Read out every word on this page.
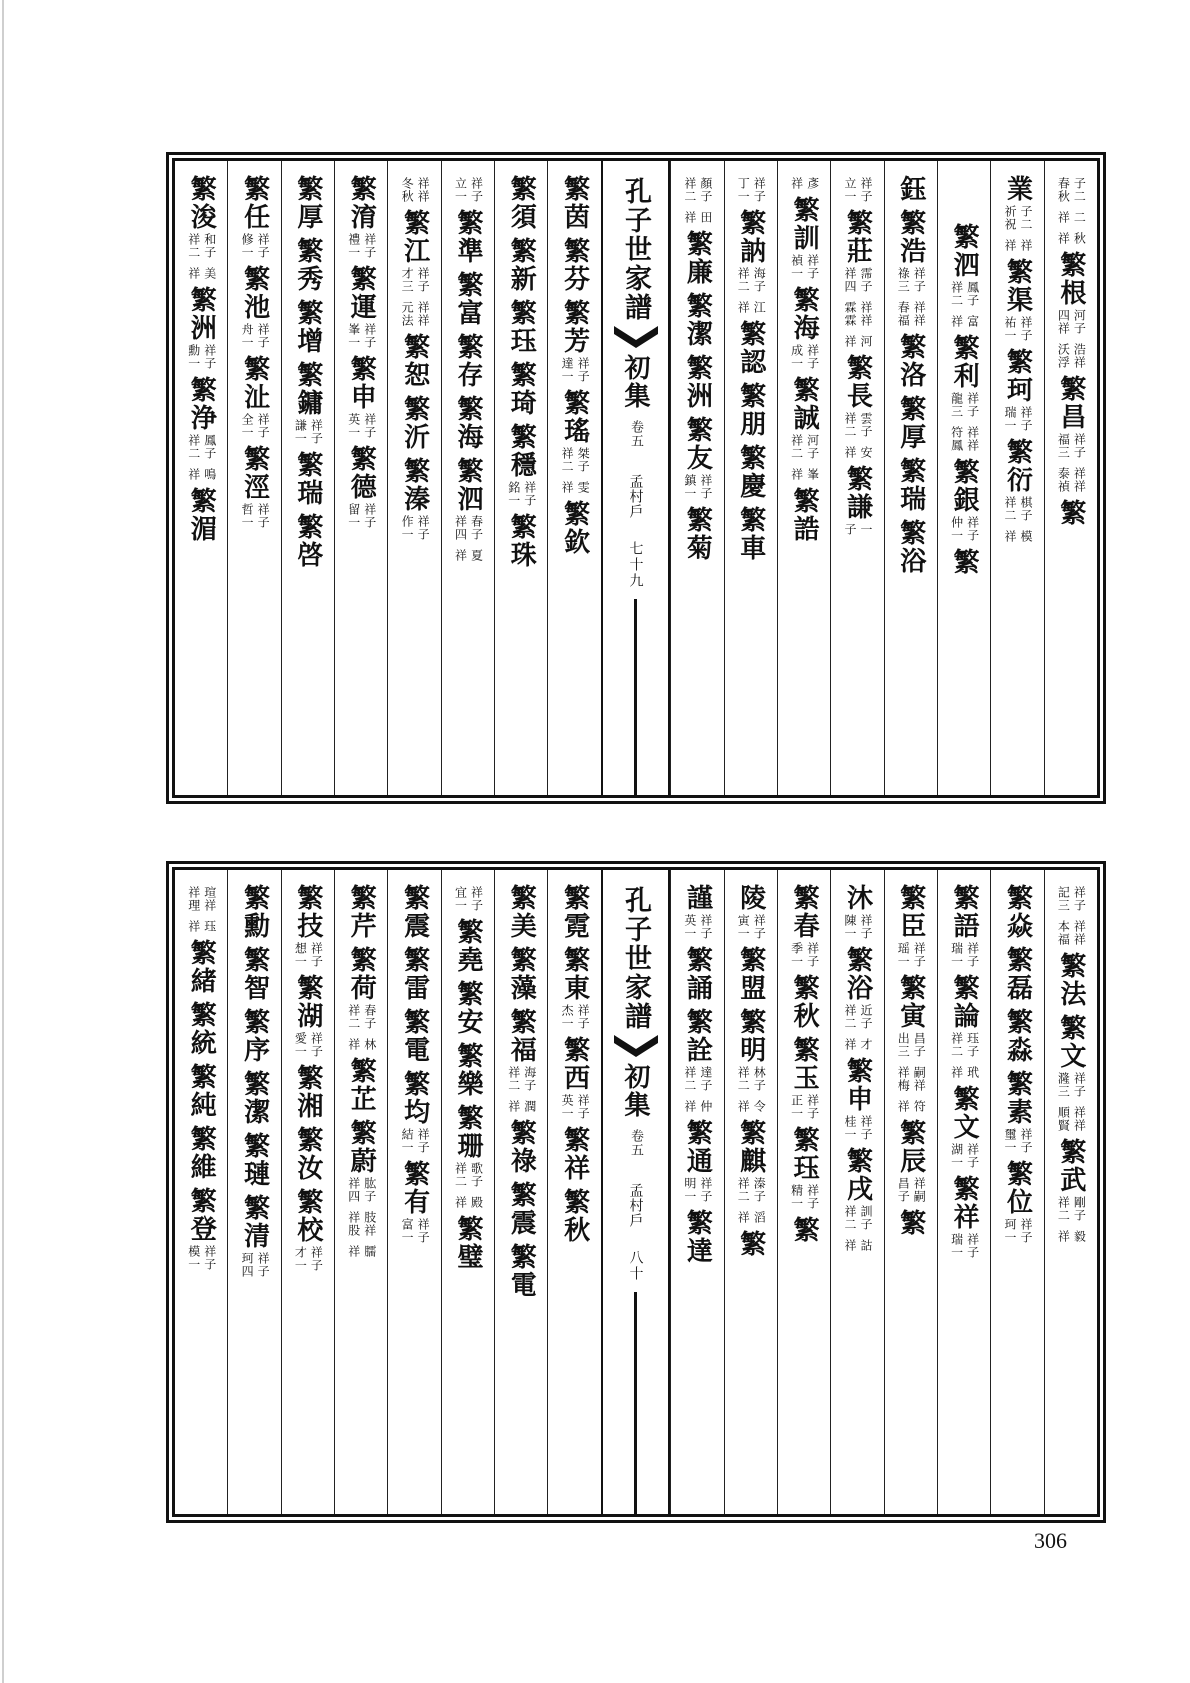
子二
春秋
二
祥
秋
祥
繁根
河子
四祥
浩祥
沃浮
繁昌
祥子
福三
祥祥
泰禎
繁
業
子二
祈祝
祥
祥
繁渠
祥子
祐一
繁珂
祥子
瑞一
繁衍
棋子
祥二
模
祥
繁泗
鳳子
祥二
富
祥
繁利
祥子
龍三
祥祥
符鳳
繁銀
祥子
仲一
繁
鈺
繁浩
祥子
祿三
祥祥
春福
繁洛
繁厚
繁瑞
繁浴
祥子
立一
繁莊
霈子
祥四
祥祥
霖霖
河
祥
繁長
雲子
祥二
安
祥
繁謙
一
子
彥
祥
繁訓
祥子
禎一
繁海
祥子
成一
繁誠
河子
祥二
峯
祥
繁誥
祥子
丁一
繁訥
海子
祥二
江
祥
繁認
繁朋
繁慶
繁車
顏子
祥二
田
祥
繁廉
繁潔
繁洲
繁友
祥子
鎮一
繁菊
孔子世家譜
初集
卷五
孟村戶
七十九
繁茵
繁芬
繁芳
祥子
達一
繁瑤
桀子
祥二
雯
祥
繁欽
繁須
繁新
繁珏
繁琦
繁穩
祥子
銘一
繁珠
祥子
立一
繁準
繁富
繁存
繁海
繁泗
春子
祥四
夏
祥
祥祥
冬秋
繁江
祥子
才三
祥祥
元法
繁恕
繁沂
繁溱
祥子
作一
繁淯
祥子
禮一
繁運
祥子
峯一
繁申
祥子
英一
繁德
祥子
留一
繁厚
繁秀
繁增
繁鏞
祥子
謙一
繁瑞
繁啓
繁任
祥子
修一
繁池
祥子
舟一
繁沚
祥子
全一
繁涇
祥子
哲一
繁浚
和子
祥二
美
祥
繁洲
祥子
勳一
繁浄
鳳子
祥二
鳴
祥
繁湄
祥子
記三
祥祥
本福
繁法
繁文
祥子
漋三
祥祥
順賢
繁武
剛子
祥二
毅
祥
繁焱
繁磊
繁淼
繁素
祥子
璽一
繁位
祥子
珂一
繁語
祥子
瑞一
繁論
珏子
祥二
玳
祥
繁文
祥子
湖一
繁祥
祥子
瑞一
繁臣
祥子
瑶一
繁寅
昌子
出三
嗣祥
祥梅
符
祥
繁辰
祥嗣
昌子
繁
沐
祥子
陳一
繁浴
近子
祥二
才
祥
繁申
祥子
桂一
繁戌
訓子
祥二
詁
祥
繁春
祥子
季一
繁秋
繁玉
祥子
正一
繁珏
祥子
精一
繁
陵
祥子
寅一
繁盟
繁明
林子
祥二
令
祥
繁麒
溱子
祥二
滔
祥
繁
謹
祥子
英一
繁誦
繁詮
達子
祥二
仲
祥
繁通
祥子
明一
繁達
孔子世家譜
初集
卷五
孟村戶
八十
繁霓
繁東
祥子
杰一
繁西
祥子
英一
繁祥
繁秋
繁美
繁藻
繁福
海子
祥二
潤
祥
繁祿
繁震
繁電
祥子
宜一
繁堯
繁安
繁樂
繁珊
歌子
祥二
殿
祥
繁璧
繁震
繁雷
繁電
繁均
祥子
結一
繁有
祥子
富一
繁芹
繁荷
春子
祥二
林
祥
繁芷
繁蔚
肱子
祥四
肢祥
祥股
臑
祥
繁技
祥子
想一
繁湖
祥子
愛一
繁湘
繁汝
繁校
祥子
才一
繁勳
繁智
繁序
繁潔
繁璉
繁清
祥子
珂四
瑄祥
祥理
珏
祥
繁緒
繁統
繁純
繁維
繁登
祥子
模一
306
